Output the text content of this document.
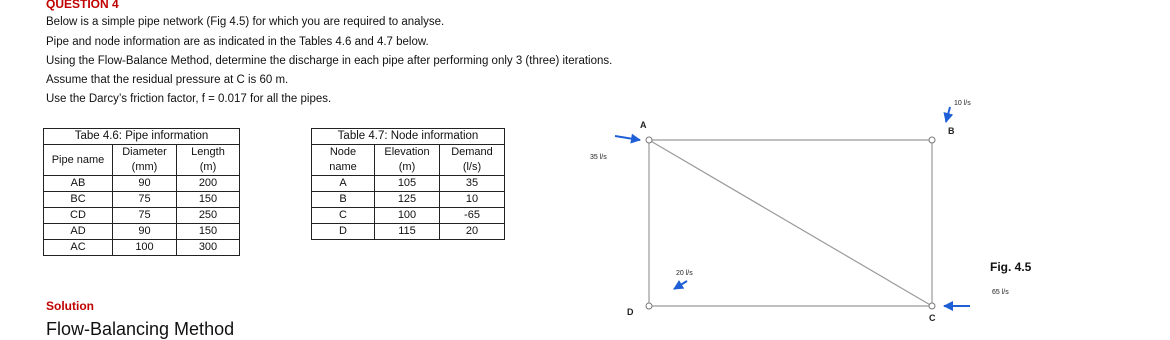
QUESTION 4
Below is a simple pipe network (Fig 4.5) for which you are required to analyse.
Pipe and node information are as indicated in the Tables 4.6 and 4.7 below.
Using the Flow-Balance Method, determine the discharge in each pipe after performing only 3 (three) iterations.
Assume that the residual pressure at C is 60 m.
Use the Darcy’s friction factor, f = 0.017 for all the pipes.
Tabe 4.6: Pipe information		
Pipe name	Diameter	Length
	(mm)	(m)
AB	90	200
BC	75	150
CD	75	250
AD	90	150
AC	100	300
Table 4.7: Node information		
Node	Elevation	Demand
name	(m)	(l/s)
A	105	35
B	125	10
C	100	-65
D	115	20
Solution
Flow-Balancing Method
A
B
C
D
35 l/s
10 l/s
65 l/s
20 l/s	Fig. 4.5
